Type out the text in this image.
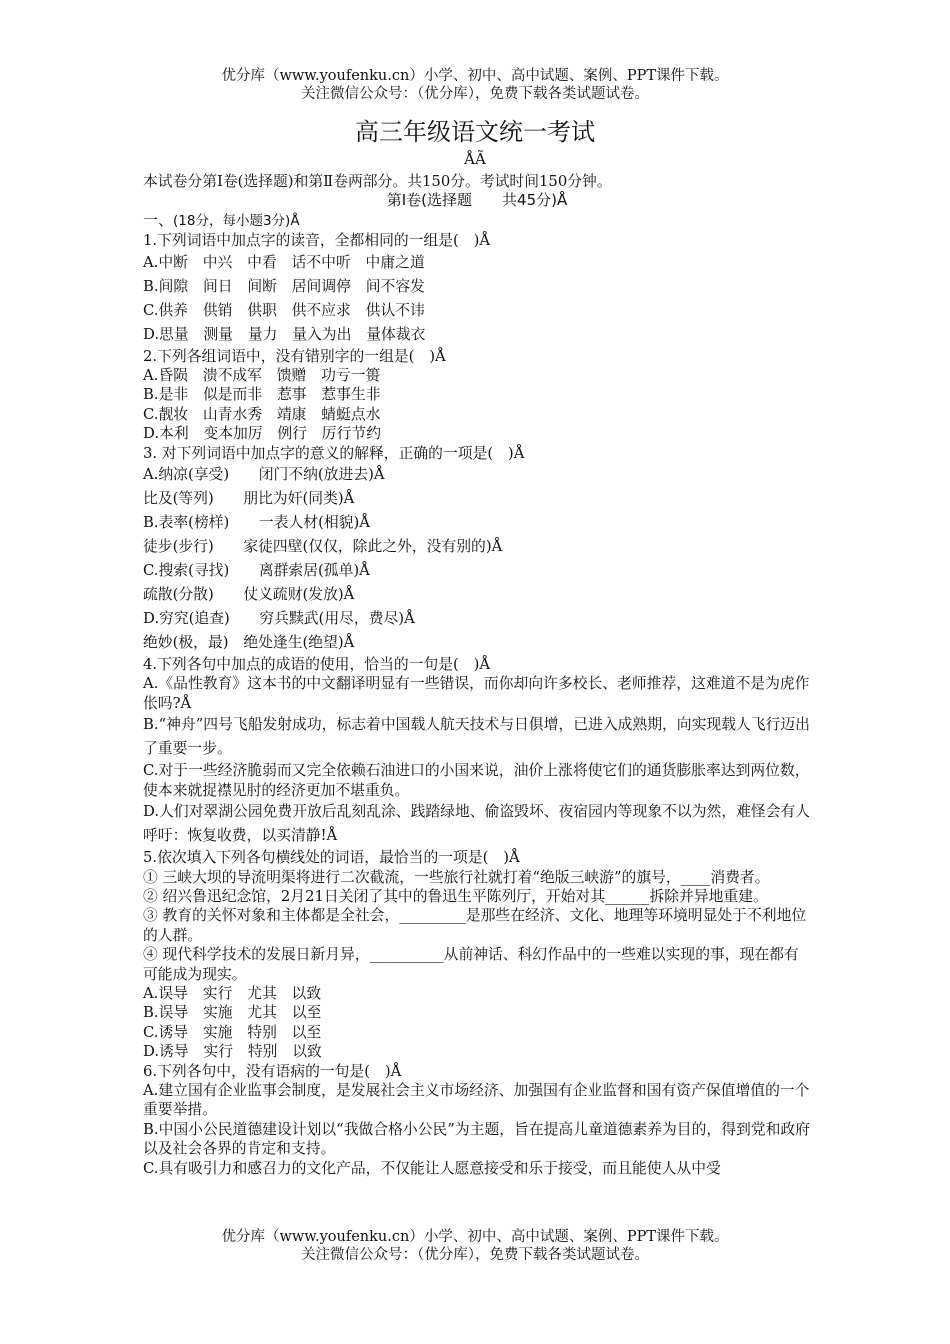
优分库（www.youfenku.cn）小学、初中、高中试题、案例、PPT课件下载。
关注微信公众号：（优分库），免费下载各类试题试卷。
高三年级语文统一考试
ÅÃ

本试卷分第Ⅰ卷(选择题)和第Ⅱ卷两部分。共150分。考试时间150分钟。

第Ⅰ卷(选择题　　共45分)Å

一、(18分，每小题3分)Å

1.下列词语中加点字的读音，全都相同的一组是(　)Å

A.中断　中兴　中看　话不中听　中庸之道

B.间隙　间日　间断　居间调停　间不容发

C.供养　供销　供职　供不应求　供认不讳

D.思量　测量　量力　量入为出　量体裁衣

2.下列各组词语中，没有错别字的一组是(　)Å

A.昏陨　溃不成军　馈赠　功亏一篑

B.是非　似是而非　惹事　惹事生非

C.靓妆　山青水秀　靖康　蜻蜓点水

D.本利　变本加厉　例行　厉行节约

3. 对下列词语中加点字的意义的解释，正确的一项是(　)Å

A.纳凉(享受)　　闭门不纳(放进去)Å

比及(等列)　　朋比为奸(同类)Å

B.表率(榜样)　　一表人材(相貌)Å

徒步(步行)　　家徒四壁(仅仅，除此之外，没有别的)Å

C.搜索(寻找)　　离群索居(孤单)Å

疏散(分散)　　仗义疏财(发放)Å

D.穷究(追查)　　穷兵黩武(用尽，费尽)Å

绝妙(极，最)　绝处逢生(绝望)Å

4.下列各句中加点的成语的使用，恰当的一句是(　)Å

A.《品性教育》这本书的中文翻译明显有一些错误，而你却向许多校长、老师推荐，这难道不是为虎作伥吗?Å

B.“神舟”四号飞船发射成功，标志着中国载人航天技术与日俱增，已进入成熟期，向实现载人飞行迈出了重要一步。

C.对于一些经济脆弱而又完全依赖石油进口的小国来说，油价上涨将使它们的通货膨胀率达到两位数，使本来就捉襟见肘的经济更加不堪重负。

D.人们对翠湖公园免费开放后乱刻乱涂、践踏绿地、偷盗毁坏、夜宿园内等现象不以为然，难怪会有人呼吁：恢复收费，以买清静!Å

5.依次填入下列各句横线处的词语，最恰当的一项是(　)Å

① 三峡大坝的导流明渠将进行二次截流，一些旅行社就打着“绝版三峡游”的旗号，____消费者。

② 绍兴鲁迅纪念馆，2月21日关闭了其中的鲁迅生平陈列厅，开始对其______拆除并异地重建。

③ 教育的关怀对象和主体都是全社会，_________是那些在经济、文化、地理等环境明显处于不利地位的人群。

④ 现代科学技术的发展日新月异，__________从前神话、科幻作品中的一些难以实现的事，现在都有可能成为现实。

A.误导　实行　尤其　以致

B.误导　实施　尤其　以至

C.诱导　实施　特别　以至

D.诱导　实行　特别　以致

6.下列各句中，没有语病的一句是(　)Å

A.建立国有企业监事会制度，是发展社会主义市场经济、加强国有企业监督和国有资产保值增值的一个重要举措。

B.中国小公民道德建设计划以“我做合格小公民”为主题，旨在提高儿童道德素养为目的，得到党和政府以及社会各界的肯定和支持。

C.具有吸引力和感召力的文化产品，不仅能让人愿意接受和乐于接受，而且能使人从中受

优分库（www.youfenku.cn）小学、初中、高中试题、案例、PPT课件下载。
关注微信公众号：（优分库），免费下载各类试题试卷。
